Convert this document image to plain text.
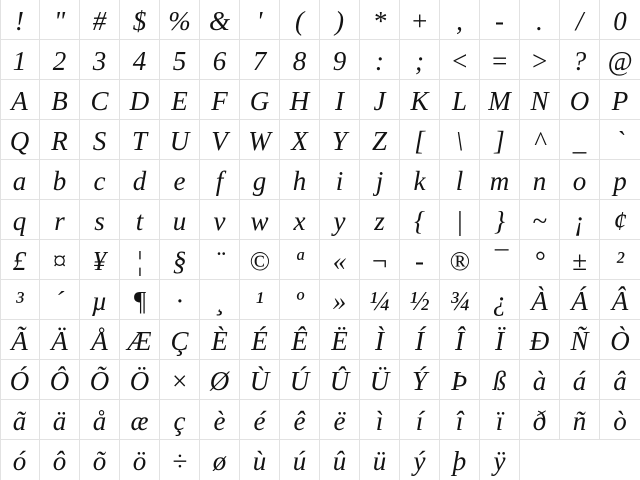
!	"	# $ % & '	(	)	* +	,	-	.	/	0
1 2 3 4 5 6 7 8 9	:	; < = > ? @
A B C D E F G H I	J K L M N O P
Q R S T U V W X Y Z	[	\	]	^	_	`
a b	c	d	e	f	g h	i	j	k	l m n o	p
q	r	s	t	u	v w x	y	z	{	|	}	~	¡	¢
£ ¤ ¥	¦	§	¨ © ª	« ¬ - ® ¯	°	±	²
³	´	µ ¶	·	¸	¹	º	» ¼ ½ ¾ ¿ À Á Â
Ã Ä Å Æ Ç È É Ê Ë	Ì	Í	Î	Ï Ð Ñ Ò
Ó Ô Õ Ö × Ø Ù Ú Û Ü Ý Þ ß à á	â
ã ä å æ ç	è	é	ê	ë	ì	í	î	ï	ð ñ	ò
ó ô õ ö ÷ ø ù ú û ü	ý	þ	ÿ
